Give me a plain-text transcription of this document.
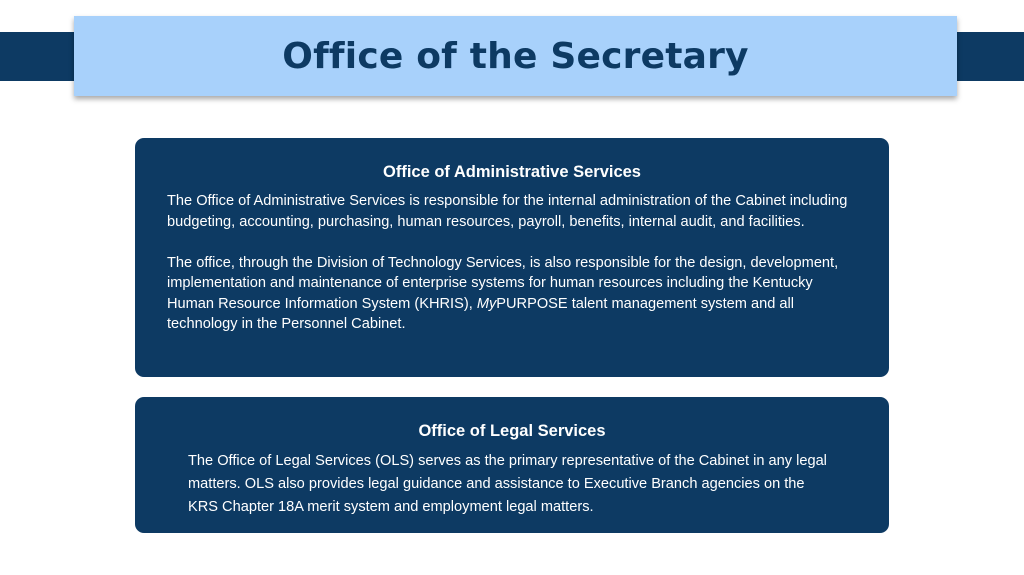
Office of the Secretary
Office of Administrative Services

The Office of Administrative Services is responsible for the internal administration of the Cabinet including budgeting, accounting, purchasing, human resources, payroll, benefits, internal audit, and facilities.

The office, through the Division of Technology Services, is also responsible for the design, development, implementation and maintenance of enterprise systems for human resources including the Kentucky Human Resource Information System (KHRIS), MyPURPOSE talent management system and all technology in the Personnel Cabinet.

Office of Legal Services

The Office of Legal Services (OLS) serves as the primary representative of the Cabinet in any legal matters. OLS also provides legal guidance and assistance to Executive Branch agencies on the KRS Chapter 18A merit system and employment legal matters.
